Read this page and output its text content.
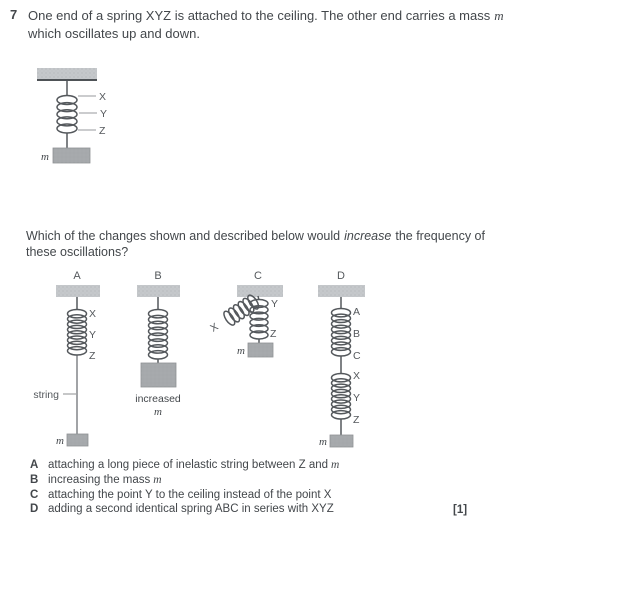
7 One end of a spring XYZ is attached to the ceiling. The other end carries a mass m
which oscillates up and down.

X
Y
Z
m

Which of the changes shown and described below would increase the frequency of
these oscillations?

A
X
Y
Z
string
m
B
increased
m
C
Y
Z
X
m
D
A
B
C
X
Y
Z
m
A attaching a long piece of inelastic string between Z and m
B increasing the mass m
C attaching the point Y to the ceiling instead of the point X
D adding a second identical spring ABC in series with XYZ	[1]
